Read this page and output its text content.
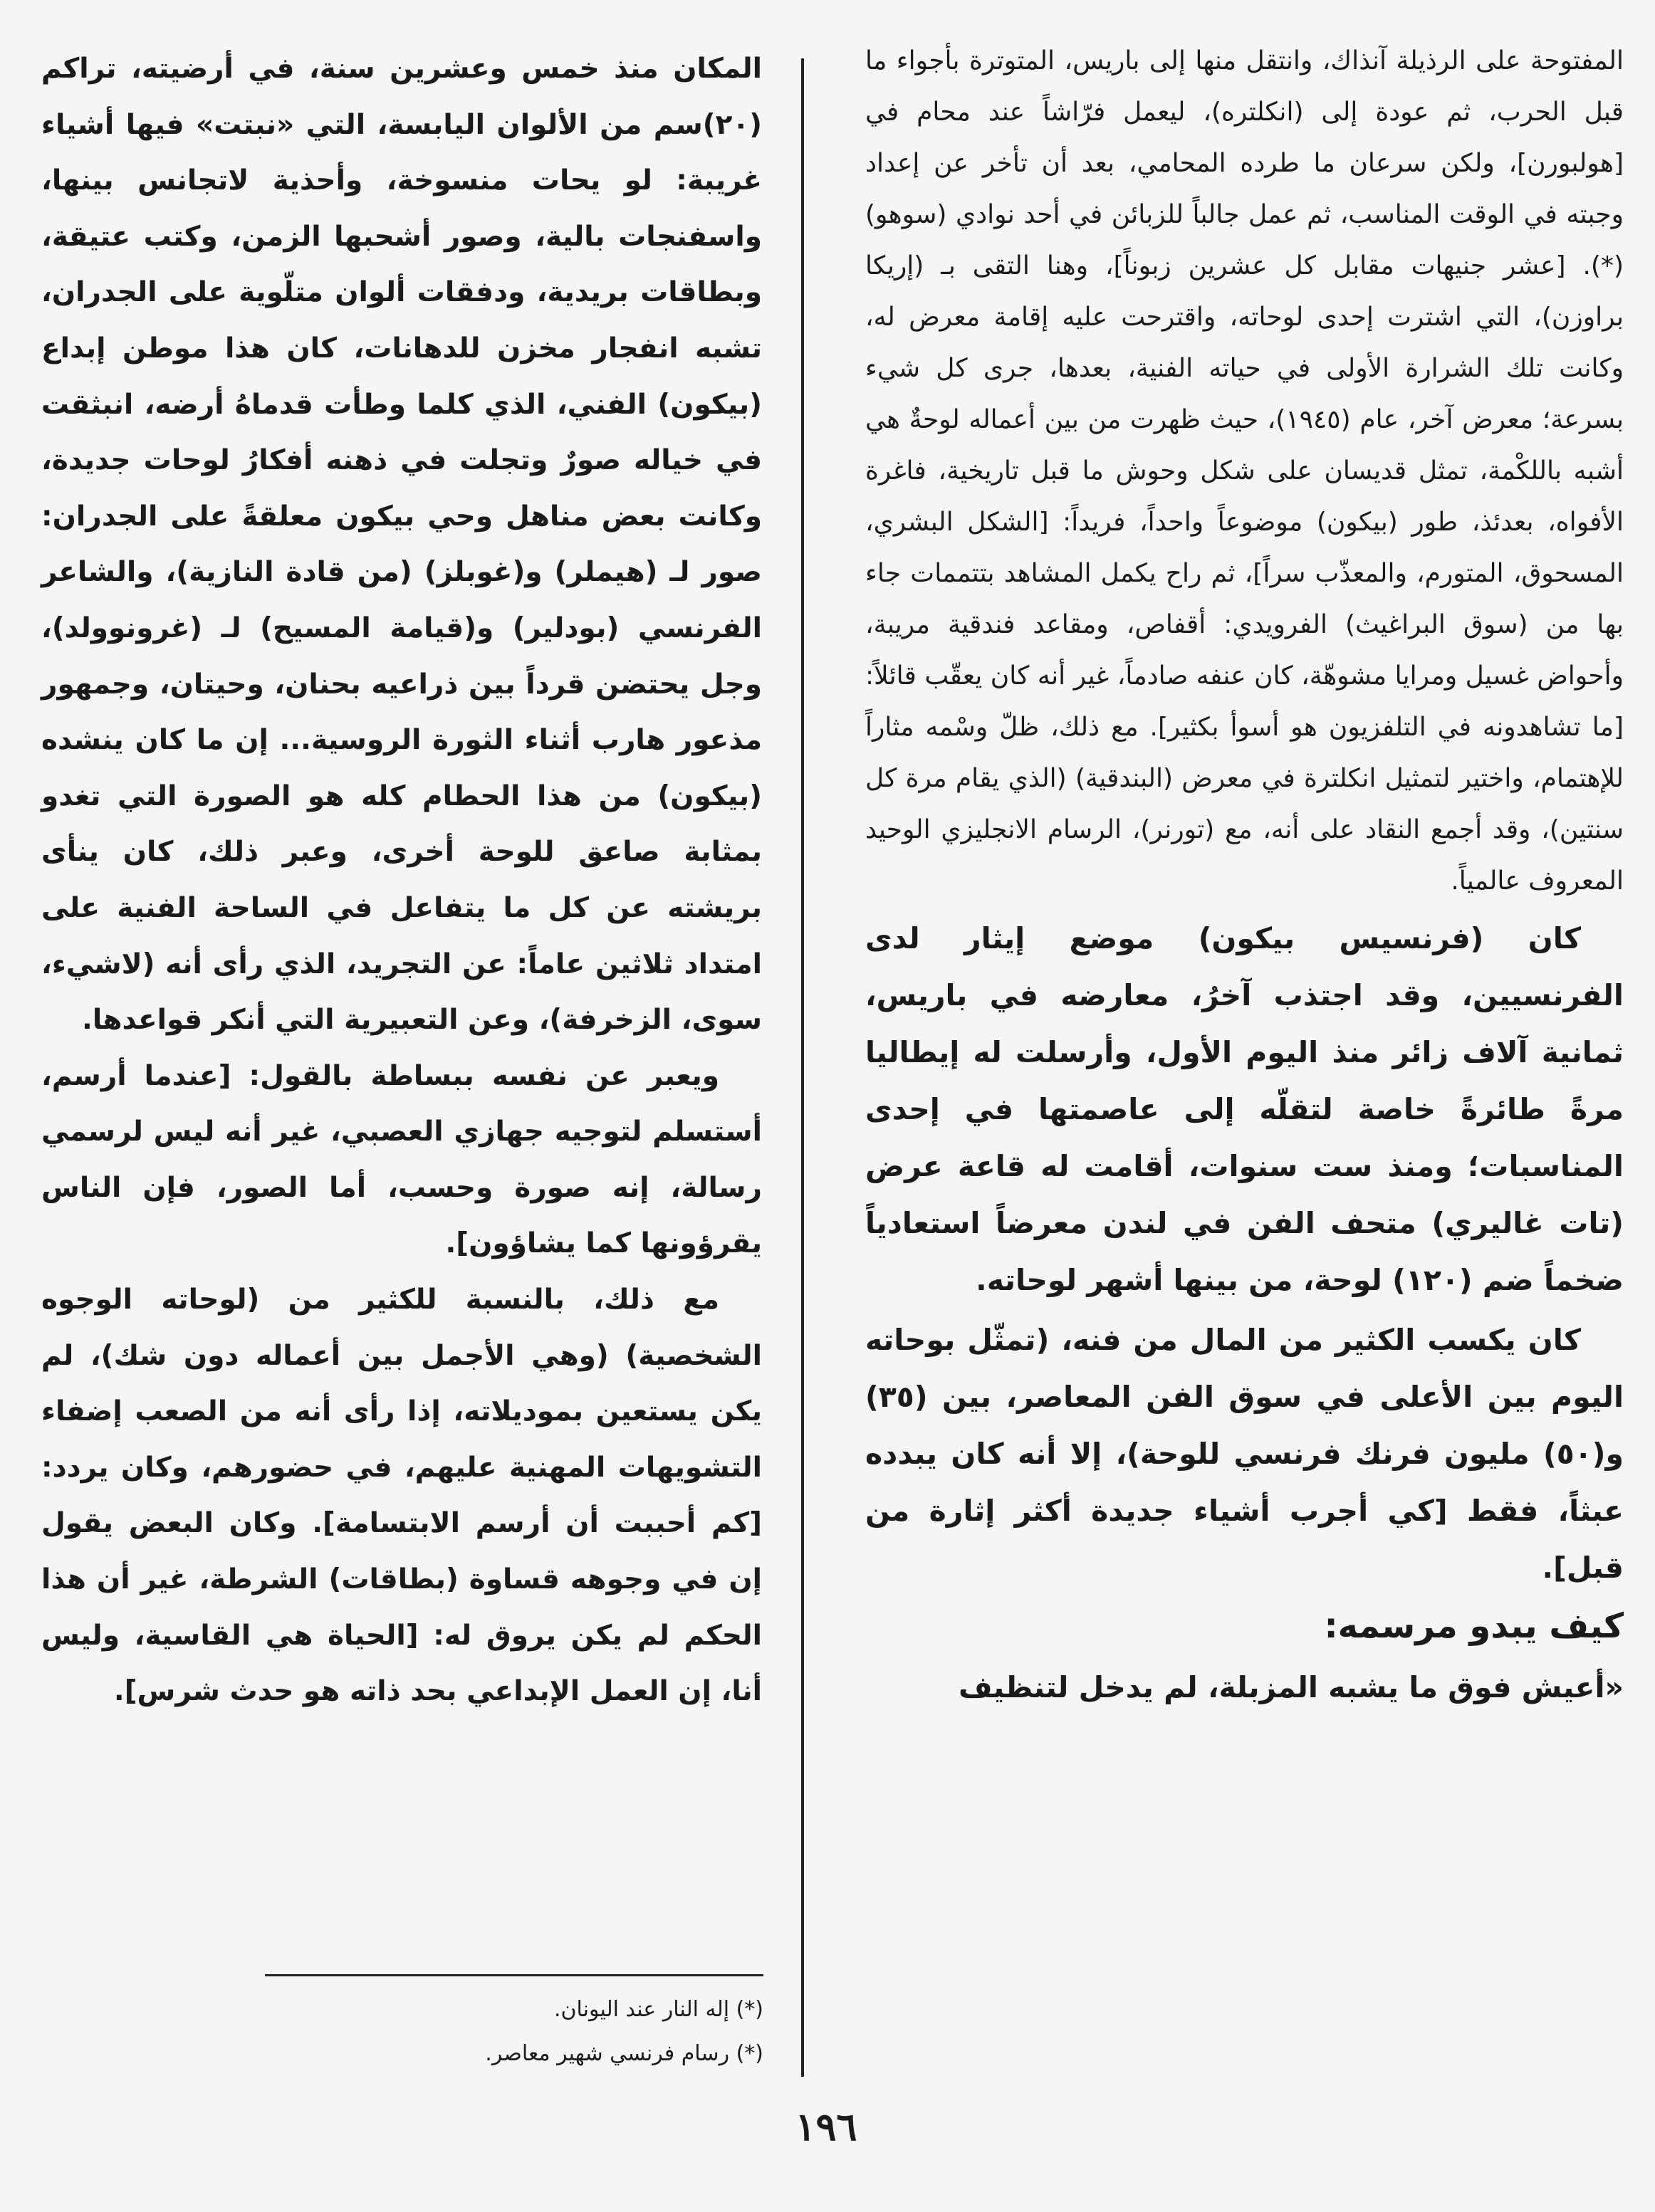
المفتوحة على الرذيلة آنذاك، وانتقل منها إلى باريس، المتوترة بأجواء ما قبل الحرب، ثم عودة إلى (انكلتره)، ليعمل فرّاشاً عند محام في [هولبورن]، ولكن سرعان ما طرده المحامي، بعد أن تأخر عن إعداد وجبته في الوقت المناسب، ثم عمل جالباً للزبائن في أحد نوادي (سوهو)(*). [عشر جنيهات مقابل كل عشرين زبوناً]، وهنا التقى بـ (إريكا براوزن)، التي اشترت إحدى لوحاته، واقترحت عليه إقامة معرض له، وكانت تلك الشرارة الأولى في حياته الفنية، بعدها، جرى كل شيء بسرعة؛ معرض آخر، عام (١٩٤٥)، حيث ظهرت من بين أعماله لوحةٌ هي أشبه باللكْمة، تمثل قديسان على شكل وحوش ما قبل تاريخية، فاغرة الأفواه، بعدئذ، طور (بيكون) موضوعاً واحداً، فريداً: [الشكل البشري، المسحوق، المتورم، والمعذّب سراً]، ثم راح يكمل المشاهد بتتممات جاء بها من (سوق البراغيث) الفرويدي: أقفاص، ومقاعد فندقية مريبة، وأحواض غسيل ومرايا مشوهّة، كان عنفه صادماً، غير أنه كان يعقّب قائلاً: [ما تشاهدونه في التلفزيون هو أسوأ بكثير]. مع ذلك، ظلّ وسْمه مثاراً للإهتمام، واختير لتمثيل انكلترة في معرض (البندقية) (الذي يقام مرة كل سنتين)، وقد أجمع النقاد على أنه، مع (تورنر)، الرسام الانجليزي الوحيد المعروف عالمياً.

كان (فرنسيس بيكون) موضع إيثار لدى الفرنسيين، وقد اجتذب آخرُ، معارضه في باريس، ثمانية آلاف زائر منذ اليوم الأول، وأرسلت له إيطاليا مرةً طائرةً خاصة لتقلّه إلى عاصمتها في إحدى المناسبات؛ ومنذ ست سنوات، أقامت له قاعة عرض (تات غاليري) متحف الفن في لندن معرضاً استعادياً ضخماً ضم (١٢٠) لوحة، من بينها أشهر لوحاته.

كان يكسب الكثير من المال من فنه، (تمثّل بوحاته اليوم بين الأعلى في سوق الفن المعاصر، بين (٣٥) و(٥٠) مليون فرنك فرنسي للوحة)، إلا أنه كان يبدده عبثاً، فقط [كي أجرب أشياء جديدة أكثر إثارة من قبل].

كيف يبدو مرسمه:

«أعيش فوق ما يشبه المزبلة، لم يدخل لتنظيف

المكان منذ خمس وعشرين سنة، في أرضيته، تراكم (٢٠)سم من الألوان اليابسة، التي «نبتت» فيها أشياء غريبة: لو يحات منسوخة، وأحذية لاتجانس بينها، واسفنجات بالية، وصور أشحبها الزمن، وكتب عتيقة، وبطاقات بريدية، ودفقات ألوان متلّوية على الجدران، تشبه انفجار مخزن للدهانات، كان هذا موطن إبداع (بيكون) الفني، الذي كلما وطأت قدماهُ أرضه، انبثقت في خياله صورٌ وتجلت في ذهنه أفكارُ لوحات جديدة، وكانت بعض مناهل وحي بيكون معلقةً على الجدران: صور لـ (هيملر) و(غوبلز) (من قادة النازية)، والشاعر الفرنسي (بودلير) و(قيامة المسيح) لـ (غرونوولد)، وجل يحتضن قرداً بين ذراعيه بحنان، وحيتان، وجمهور مذعور هارب أثناء الثورة الروسية... إن ما كان ينشده (بيكون) من هذا الحطام كله هو الصورة التي تغدو بمثابة صاعق للوحة أخرى، وعبر ذلك، كان ينأى بريشته عن كل ما يتفاعل في الساحة الفنية على امتداد ثلاثين عاماً: عن التجريد، الذي رأى أنه (لاشيء، سوى، الزخرفة)، وعن التعبيرية التي أنكر قواعدها.

ويعبر عن نفسه ببساطة بالقول: [عندما أرسم، أستسلم لتوجيه جهازي العصبي، غير أنه ليس لرسمي رسالة، إنه صورة وحسب، أما الصور، فإن الناس يقرؤونها كما يشاؤون].

مع ذلك، بالنسبة للكثير من (لوحاته الوجوه الشخصية) (وهي الأجمل بين أعماله دون شك)، لم يكن يستعين بموديلاته، إذا رأى أنه من الصعب إضفاء التشويهات المهنية عليهم، في حضورهم، وكان يردد: [كم أحببت أن أرسم الابتسامة]. وكان البعض يقول إن في وجوهه قساوة (بطاقات) الشرطة، غير أن هذا الحكم لم يكن يروق له: [الحياة هي القاسية، وليس أنا، إن العمل الإبداعي بحد ذاته هو حدث شرس].

(*) إله النار عند اليونان.
(*) رسام فرنسي شهير معاصر.
١٩٦
